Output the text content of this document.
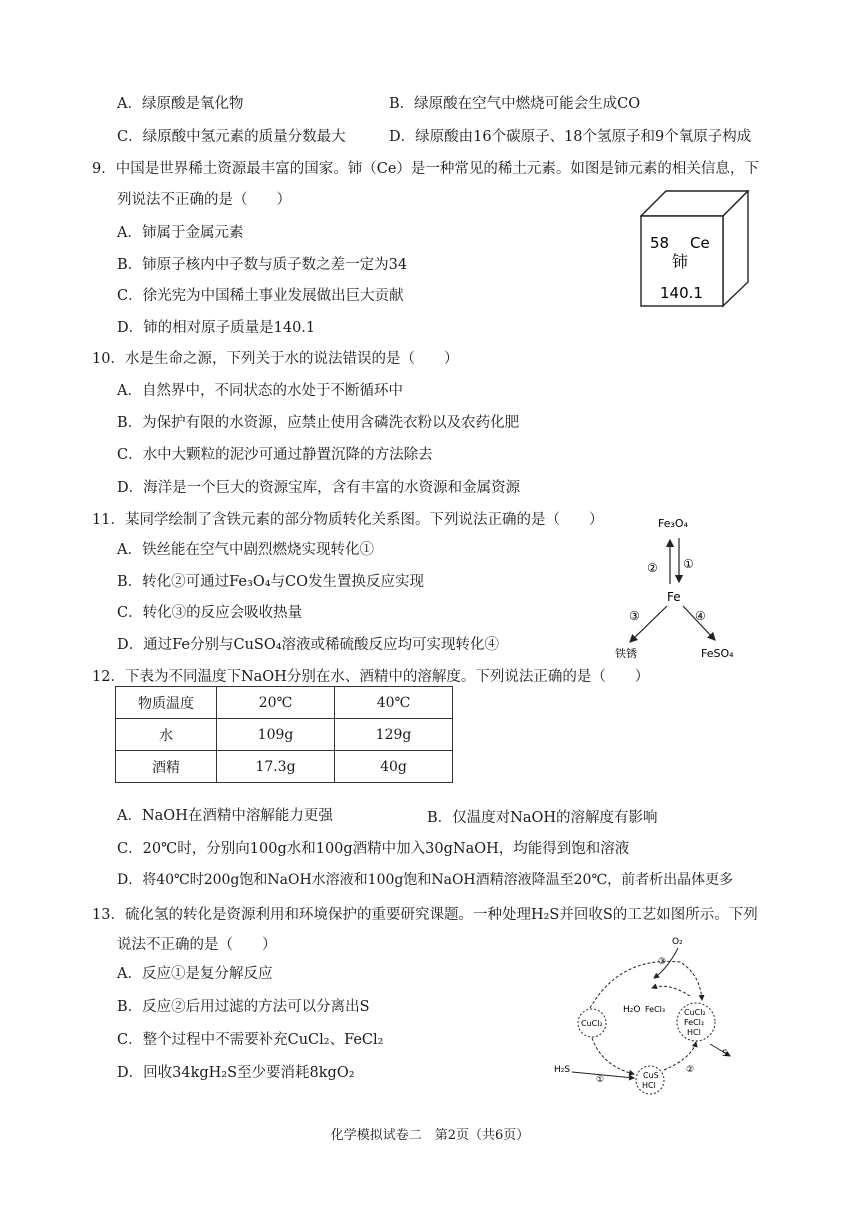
A．绿原酸是氧化物	B．绿原酸在空气中燃烧可能会生成CO
C．绿原酸中氢元素的质量分数最大	D．绿原酸由16个碳原子、18个氢原子和9个氧原子构成
9．中国是世界稀土资源最丰富的国家。铈（Ce）是一种常见的稀土元素。如图是铈元素的相关信息，下
列说法不正确的是（　　）
A．铈属于金属元素
B．铈原子核内中子数与质子数之差一定为34
C．徐光宪为中国稀土事业发展做出巨大贡献
D．铈的相对原子质量是140.1
58 Ce
铈
140.1
10．水是生命之源，下列关于水的说法错误的是（　　）
A．自然界中，不同状态的水处于不断循环中
B．为保护有限的水资源，应禁止使用含磷洗衣粉以及农药化肥
C．水中大颗粒的泥沙可通过静置沉降的方法除去
D．海洋是一个巨大的资源宝库，含有丰富的水资源和金属资源
11．某同学绘制了含铁元素的部分物质转化关系图。下列说法正确的是（　　）
A．铁丝能在空气中剧烈燃烧实现转化①
B．转化②可通过Fe₃O₄与CO发生置换反应实现
C．转化③的反应会吸收热量
D．通过Fe分别与CuSO₄溶液或稀硫酸反应均可实现转化④
Fe₃O₄
② ①
Fe
③	④
铁锈	FeSO₄
12．下表为不同温度下NaOH分别在水、酒精中的溶解度。下列说法正确的是（　　）
物质温度	20℃	40℃
水	109g	129g
酒精	17.3g	40g
A．NaOH在酒精中溶解能力更强	B．仅温度对NaOH的溶解度有影响
C．20℃时，分别向100g水和100g酒精中加入30gNaOH，均能得到饱和溶液
D．将40℃时200g饱和NaOH水溶液和100g饱和NaOH酒精溶液降温至20℃，前者析出晶体更多
13．硫化氢的转化是资源利用和环境保护的重要研究课题。一种处理H₂S并回收S的工艺如图所示。下列
说法不正确的是（　　）
A．反应①是复分解反应
B．反应②后用过滤的方法可以分离出S
C．整个过程中不需要补充CuCl₂、FeCl₂
D．回收34kgH₂S至少要消耗8kgO₂
O₂
③
H₂O FeCl₃
CuCl₂
CuCl₂
FeCl₂
HCl
S
CuS
HCl
H₂S
①
②
化学模拟试卷二　第2页（共6页）
